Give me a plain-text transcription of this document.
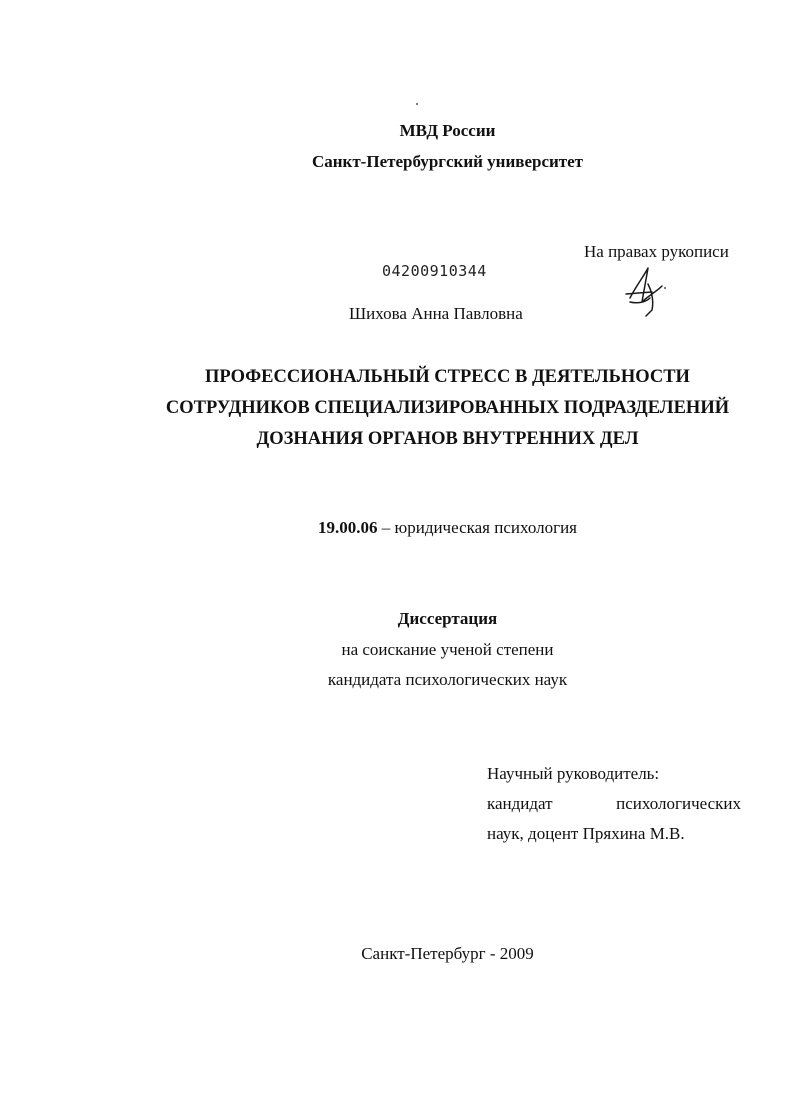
МВД России
Санкт-Петербургский университет
На правах рукописи
04200910344
Шихова Анна Павловна
ПРОФЕССИОНАЛЬНЫЙ СТРЕСС В ДЕЯТЕЛЬНОСТИ
СОТРУДНИКОВ СПЕЦИАЛИЗИРОВАННЫХ ПОДРАЗДЕЛЕНИЙ
ДОЗНАНИЯ ОРГАНОВ ВНУТРЕННИХ ДЕЛ
19.00.06 – юридическая психология
Диссертация
на соискание ученой степени
кандидата психологических наук
Научный руководитель:
кандидат	психологических
наук, доцент Пряхина М.В.
Санкт-Петербург - 2009
